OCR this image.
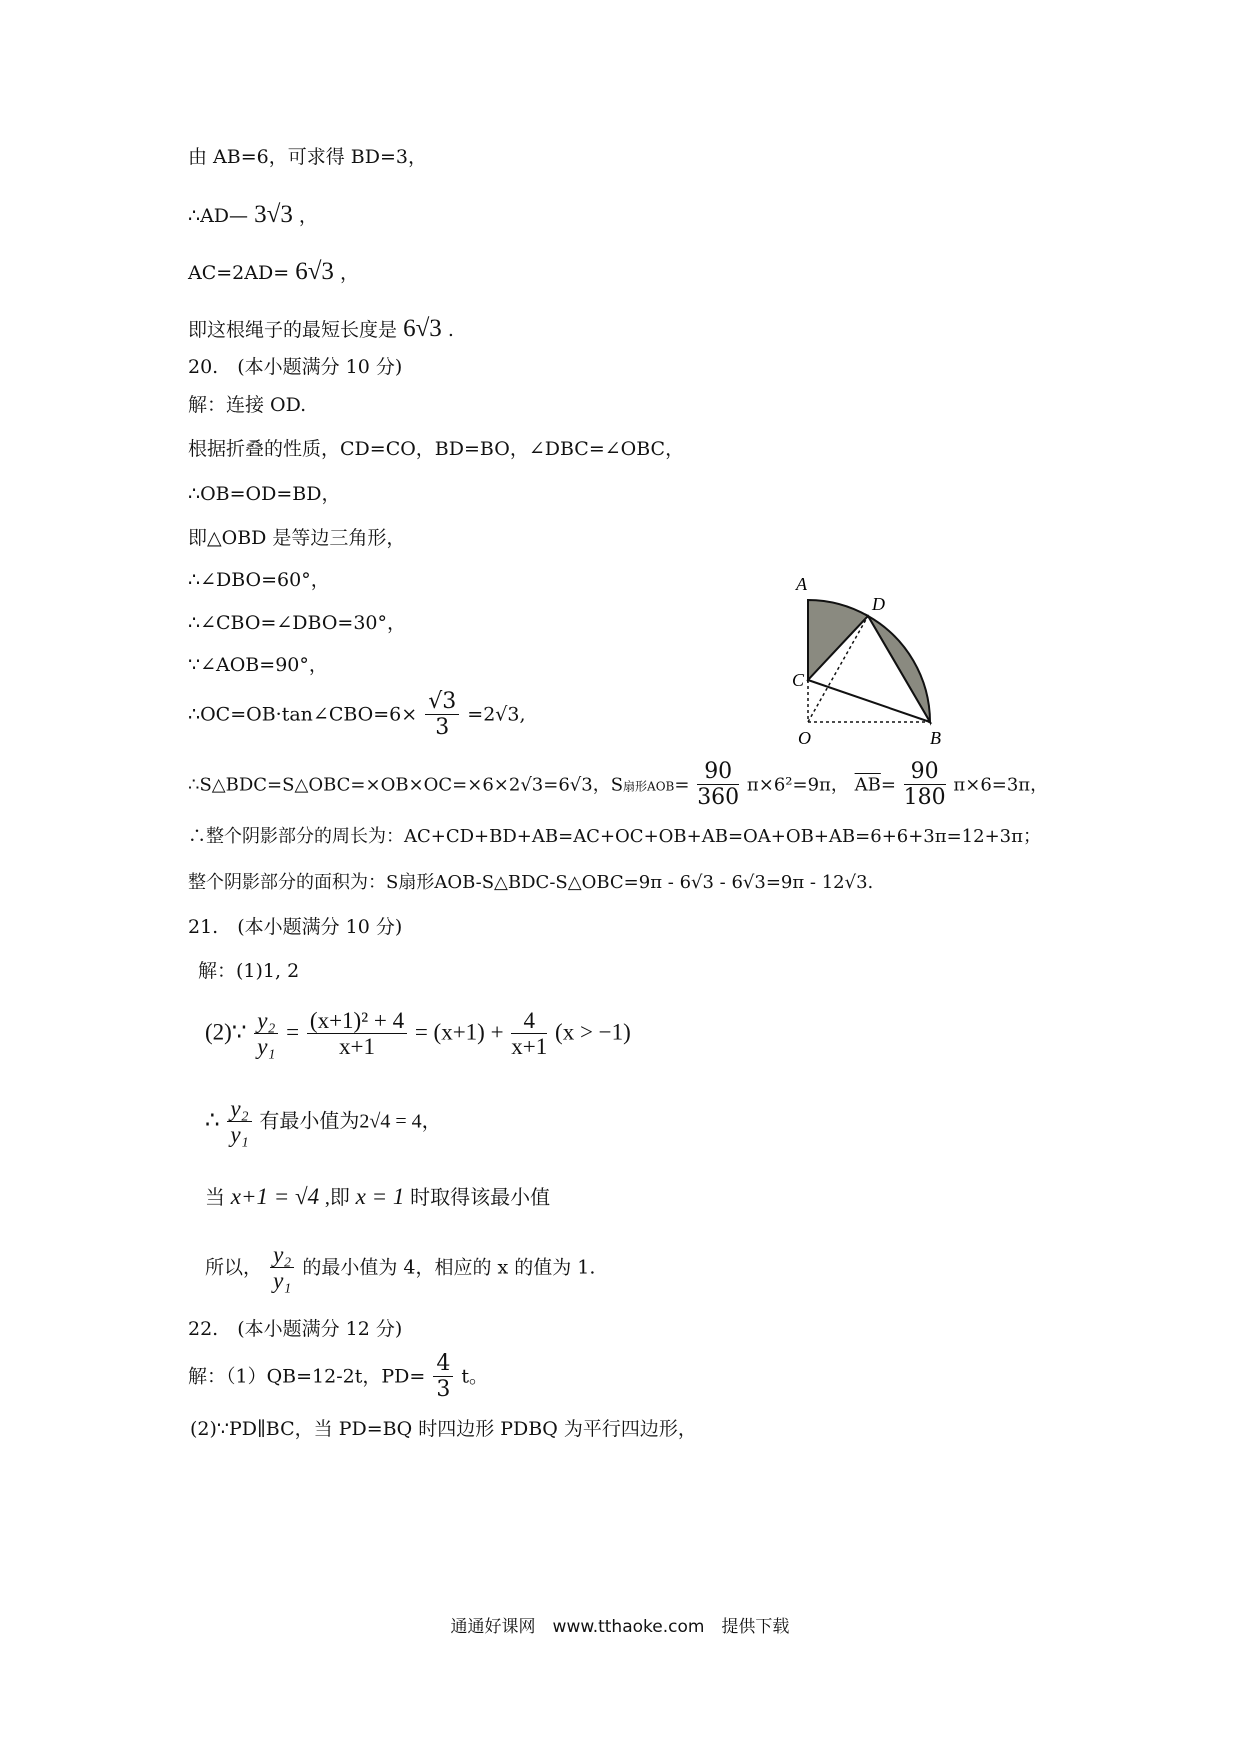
由 AB=6，可求得 BD=3，
∴AD— 3√3 ，
AC=2AD= 6√3 ，
即这根绳子的最短长度是 6√3 .
20.　(本小题满分 10 分)
解：连接 OD.
根据折叠的性质，CD=CO，BD=BO，∠DBC=∠OBC，
∴OB=OD=BD，
即△OBD 是等边三角形，
∴∠DBO=60°，
∴∠CBO=∠DBO=30°，
∵∠AOB=90°，
∴OC=OB·tan∠CBO=6× $\frac{√3}{3} =2√3$,
∴S△BDC=S△OBC=×OB×OC=×6×2√3=6√3，S扇形$AOB= \frac{90}{360} \pi\times 6^2=9\pi$， $\overline{AB}= \frac{90}{180} \pi\times 6=3\pi$，
∴整个阴影部分的周长为：AC+CD+BD+AB=AC+OC+OB+AB=OA+OB+AB=6+6+3π=12+3π；
整个阴影部分的面积为：S扇形AOB-S△BDC-S△OBC=9π - 6√3 - 6√3=9π - 12√3.
21.　(本小题满分 10 分)
解：(1)1, 2
(2)∵ $\frac{\text{y₂}}{\text{y₁}} = \frac{\text{(x+1)² + 4}}{x+1} = (x+1) + \frac{4}{x+1} (x > -1)$
∴ $\frac{\text{y₂}}{\text{y₁}}$ 有最小值为2√4 = 4，
当 x+1 = √4 ,即 x = 1 时取得该最小值
所以， $\frac{\text{y₂}}{\text{y₁}}$ 的最小值为 4，相应的 x 的值为 1.
22.　(本小题满分 12 分)
解：（1）QB=12-2t，$PD= \frac{4}{3}$ t。
(2)∵PD∥BC，当 PD=BQ 时四边形 PDBQ 为平行四边形，
A
D
C
O	B
通通好课网　www.tthaoke.com　提供下载
